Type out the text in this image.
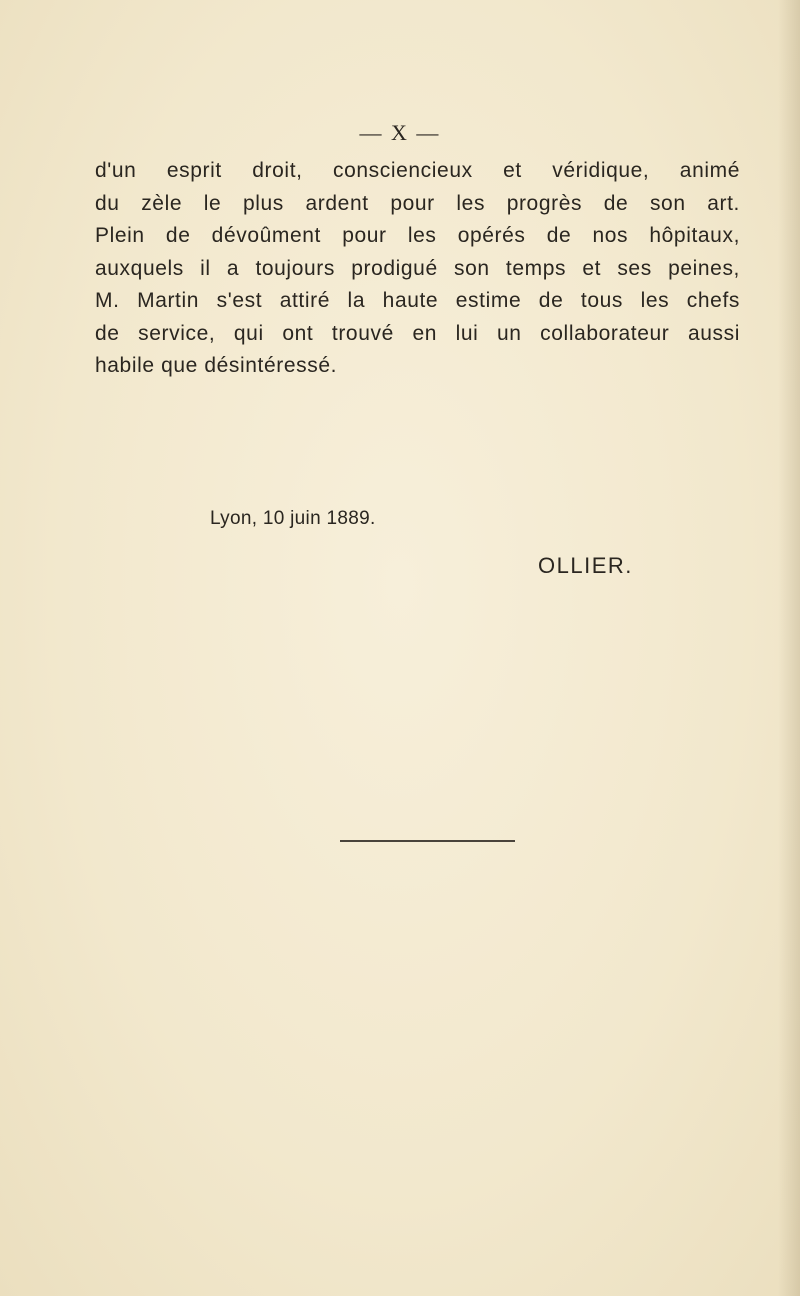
— X —
d'un esprit droit, consciencieux et véridique, animé
du zèle le plus ardent pour les progrès de son art.
Plein de dévoûment pour les opérés de nos hôpitaux,
auxquels il a toujours prodigué son temps et ses peines,
M. Martin s'est attiré la haute estime de tous les chefs
de service, qui ont trouvé en lui un collaborateur aussi
habile que désintéressé.
Lyon, 10 juin 1889.
OLLIER.
